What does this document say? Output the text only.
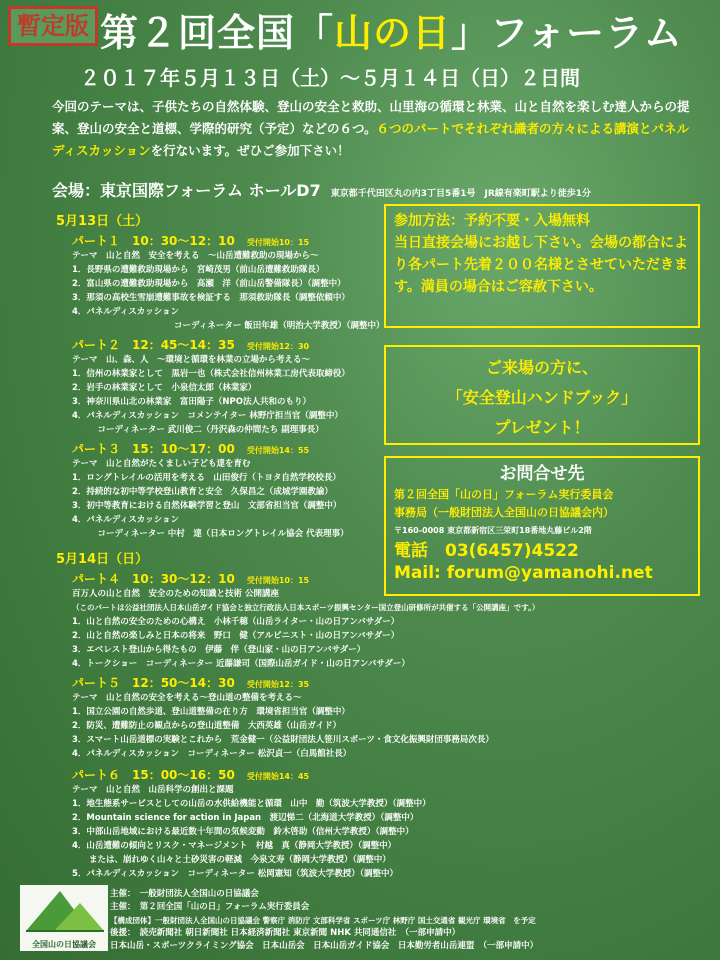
暫定版 第２回全国「山の日」フォーラム
２０１７年５月１３日（土）～５月１４日（日）２日間
今回のテーマは、子供たちの自然体験、登山の安全と救助、山里海の循環と林業、山と自然を楽しむ達人からの提案、登山の安全と道標、学際的研究（予定）などの６つ。６つのパートでそれぞれ識者の方々による講演とパネルディスカッションを行ないます。ぜひご参加下さい！
会場：東京国際フォーラム ホールD7 東京都千代田区丸の内3丁目5番1号　JR線有楽町駅より徒歩1分
5月13日（土）
パート１　10：30～12：10　 受付開始10：15
テーマ　山と自然　安全を考える　～山岳遭難救助の現場から～
1．長野県の遭難救助現場から　宮崎茂男（前山岳遭難救助隊長）
2．富山県の遭難救助現場から　高瀬　洋（前山岳警備隊長）（調整中）
3．那須の高校生雪崩遭難事故を検証する　那須救助隊長（調整依頼中）
4．パネルディスカッション
　　　　　　　　　　　　コーディネーター 飯田年雄（明治大学教授）（調整中）
パート２　12：45～14：35　 受付開始12：30
テーマ　山、森、人　～環境と循環を林業の立場から考える～
1．信州の林業家として　黒岩一也（株式会社信州林業工房代表取締役）
2．岩手の林業家として　小泉信太郎（林業家）
3．神奈川県山北の林業家　富田陽子（NPO法人共和のもり）
4．パネルディスカッション　コメンテイター 林野庁担当官（調整中）
　　　コーディネーター 武川俊二（丹沢森の仲間たち 副理事長）
パート３　15：10～17：00　 受付開始14：55
テーマ　山と自然がたくましい子ども達を育む
1．ロングトレイルの活用を考える　山田俊行（トヨタ自然学校校長）
2．持続的な初中等学校登山教育と安全　久保昌之（成城学園教諭）
3．初中等教育における自然体験学習と登山　文部省担当官（調整中）
4．パネルディスカッション
　　　コーディネーター 中村　達（日本ロングトレイル協会 代表理事）
5月14日（日）
パート４　10：30～12：10　 受付開始10：15
百万人の山と自然　安全のための知識と技術 公開講座
（このパートは公益社団法人日本山岳ガイド協会と独立行政法人日本スポーツ振興センター国立登山研修所が共催する「公開講座」です。）
1．山と自然の安全のための心構え　小林千穂（山岳ライター・山の日アンバサダー）
2．山と自然の楽しみと日本の将来　野口　健（アルピニスト・山の日アンバサダー）
3．エベレスト登山から得たもの　伊藤　伴（登山家・山の日アンバサダー）
4．トークショー　コーディネーター 近藤謙司（国際山岳ガイド・山の日アンバサダー）
パート５　12：50～14：30　 受付開始12：35
テーマ　山と自然の安全を考える～登山道の整備を考える～
1．国立公園の自然歩道、登山道整備の在り方　環境省担当官（調整中）
2．防災、遭難防止の観点からの登山道整備　大西英雄（山岳ガイド）
3．スマート山岳道標の実験とこれから　荒金健一（公益財団法人笹川スポーツ・食文化振興財団事務局次長）
4．パネルディスカッション　コーディネーター 松沢貞一（白馬館社長）
パート６　15：00～16：50　 受付開始14：45
テーマ　山と自然　山岳科学の創出と課題
1．地生態系サービスとしての山岳の水供給機能と循環　山中　勤（筑波大学教授）（調整中）
2．Mountain science for action in Japan　渡辺悌二（北海道大学教授）（調整中）
3．中部山岳地域における最近数十年間の気候変動　鈴木啓助（信州大学教授）（調整中）
4．山岳遭難の傾向とリスク・マネージメント　村越　真（静岡大学教授）（調整中）
　　または、崩れゆく山々と土砂災害の軽減　今泉文寿（静岡大学教授）（調整中）
5．パネルディスカッション　コーディネーター 松岡憲知（筑波大学教授）（調整中）
参加方法：予約不要・入場無料
当日直接会場にお越し下さい。会場の都合により各パート先着２００名様とさせていただきます。満員の場合はご容赦下さい。
ご来場の方に、
「安全登山ハンドブック」
プレゼント！
お問合せ先
第２回全国「山の日」フォーラム実行委員会
事務局（一般財団法人全国山の日協議会内）
〒160-0008 東京都新宿区三栄町18番地丸藤ビル2階
電話　03(6457)4522
Mail: forum@yamanohi.net
全国山の日協議会
主催：　一般財団法人全国山の日協議会
主催：　第２回全国「山の日」フォーラム実行委員会
【構成団体】一般財団法人全国山の日協議会 警察庁 消防庁 文部科学省 スポーツ庁 林野庁 国土交通省 観光庁 環境省　を予定
後援：　読売新聞社 朝日新聞社 日本経済新聞社 東京新聞 NHK 共同通信社　（一部申請中）
日本山岳・スポーツクライミング協会　日本山岳会　日本山岳ガイド協会　日本勤労者山岳連盟　（一部申請中）
